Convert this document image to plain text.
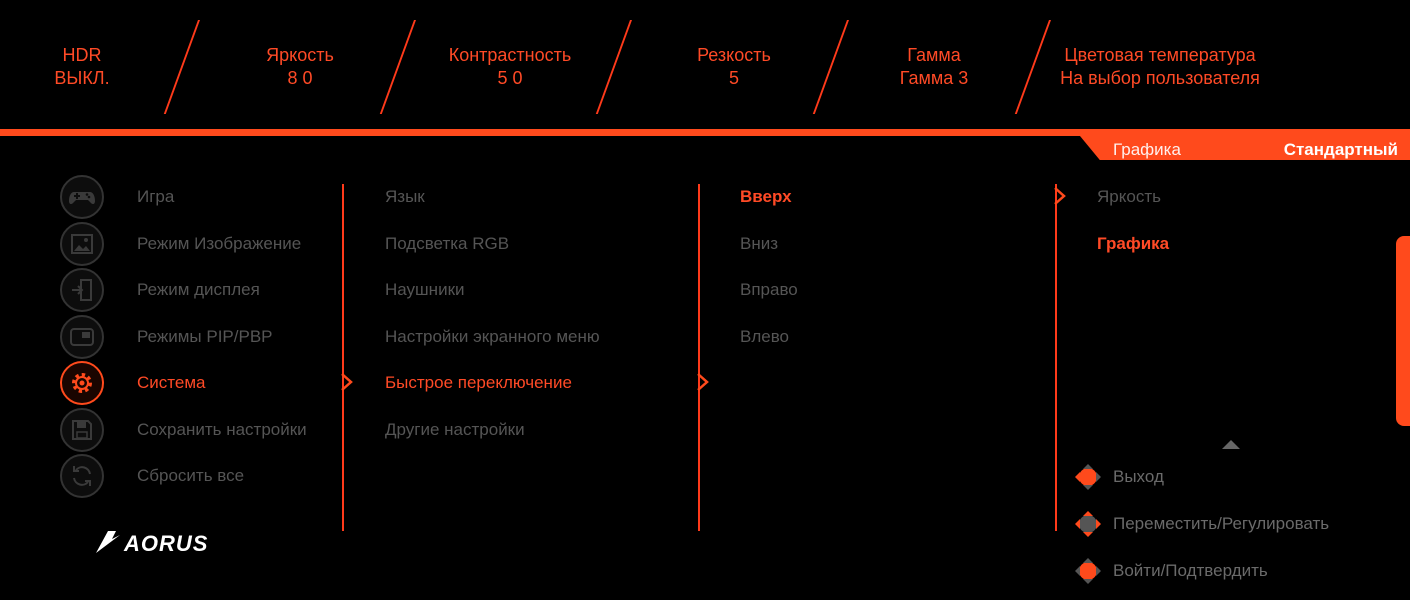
HDR
ВЫКЛ.
Яркость
8 0
Контрастность
5 0
Резкость
5
Гамма
Гамма 3
Цветовая температура
На выбор пользователя
Графика	Стандартный
Игра
Режим Изображение
Режим дисплея
Режимы PIP/PBP
Система
Сохранить настройки
Сбросить все
AORUS
Язык
Подсветка RGB
Наушники
Настройки экранного меню
Быстрое переключение
Другие настройки
Вверх
Вниз
Вправо
Влево
Яркость
Графика
Выход
Переместить/Регулировать
Войти/Подтвердить
